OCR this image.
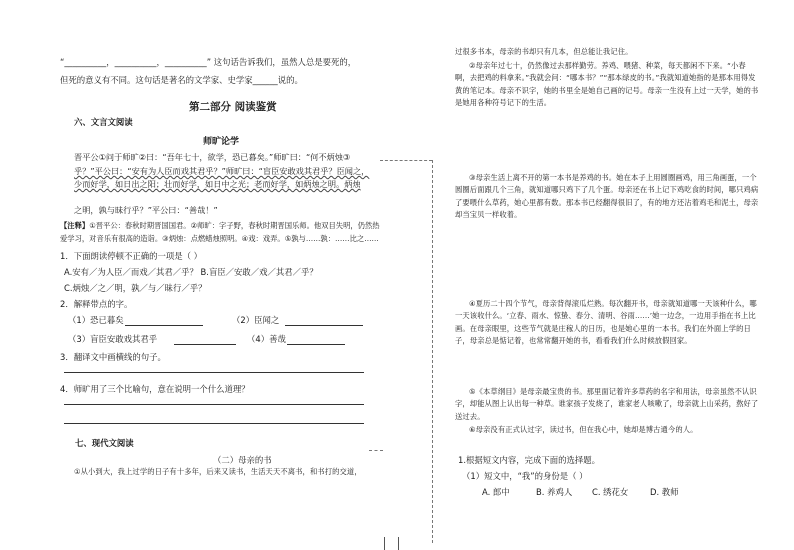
“__________，__________，__________” 这句话告诉我们，虽然人总是要死的，
但死的意义有不同。这句话是著名的文学家、史学家______说的。
第二部分 阅读鉴赏
六、文言文阅读
师旷论学
晋平公①问于师旷②曰：“吾年七十，欲学，恐已暮矣。”师旷曰：“何不炳烛③
乎？”平公曰：“安有为人臣而戏其君乎？”师旷曰：“盲臣安敢戏其君乎？臣闻之，少而好学，如日出之阳；壮而好学，如日中之光；老而好学，如炳烛之明。炳烛
之明，孰与昧行乎？”平公曰：“善哉！”
【注释】①晋平公：春秋时期晋国国君。②师旷：字子野，春秋时期晋国乐师。他双目失明，仍然热
爱学习，对音乐有很高的造诣。③炳烛：点燃蜡烛照明。④戏：戏弄。⑤孰与……孰：……比之……
1．下面朗读停顿不正确的一项是（ ）
A.安有／为人臣／而戏／其君／乎？ B.盲臣／安敢／戏／其君／乎？
C.炳烛／之／明，孰／与／昧行／乎？
2．解释带点的字。
（1）恐已暮矣	（2）臣闻之
（3）盲臣安敢戏其君乎	（4）善哉
3．翻译文中画横线的句子。
4．师旷用了三个比喻句，意在说明一个什么道理？
七、现代文阅读
（二）母亲的书
①从小到大，我上过学的日子有十多年，后来又读书，生活天天不离书，和书打的交道，
过很多书本，母亲的书却只有几本，但总能让我记住。
②母亲年过七十，仍然像过去那样勤劳。养鸡、喂猪、种菜，每天都闲不下来。“小春啊，去把鸡的料拿来。”我就会问：“哪本书？”“那本绿皮的书。”我就知道她指的是那本用得发黄的笔记本。母亲不识字，她的书里全是她自己画的记号。母亲一生没有上过一天学，她的书是她用各种符号记下的生活。
③母亲生活上离不开的第一本书是养鸡的书。她在本子上用圆圈画鸡，用三角画蛋，一个圆圈后面跟几个三角，就知道哪只鸡下了几个蛋。母亲还在书上记下鸡吃食的时间，哪只鸡病了要喂什么草药，她心里都有数。那本书已经翻得很旧了，有的地方还沾着鸡毛和泥土，母亲却当宝贝一样收着。
④夏历二十四个节气，母亲背得滚瓜烂熟。每次翻开书，母亲就知道哪一天该种什么，哪一天该收什么。‘立春、雨水、惊蛰、春分、清明、谷雨……’她一边念，一边用手指在书上比画。在母亲眼里，这些节气就是庄稼人的日历，也是她心里的一本书。我们在外面上学的日子，母亲总是惦记着，也常常翻开她的书，看看我们什么时候放假回家。
⑤《本草纲目》是母亲最宝贵的书。那里面记着许多草药的名字和用法，母亲虽然不认识字，却能从图上认出每一种草。谁家孩子发烧了，谁家老人咳嗽了，母亲就上山采药，熬好了送过去。
⑥母亲没有正式认过字，读过书，但在我心中，她却是博古通今的人。
1.根据短文内容，完成下面的选择题。
（1）短文中，“我”的身份是（ ）
A. 郎中	B. 养鸡人 C. 绣花女	D. 教师
